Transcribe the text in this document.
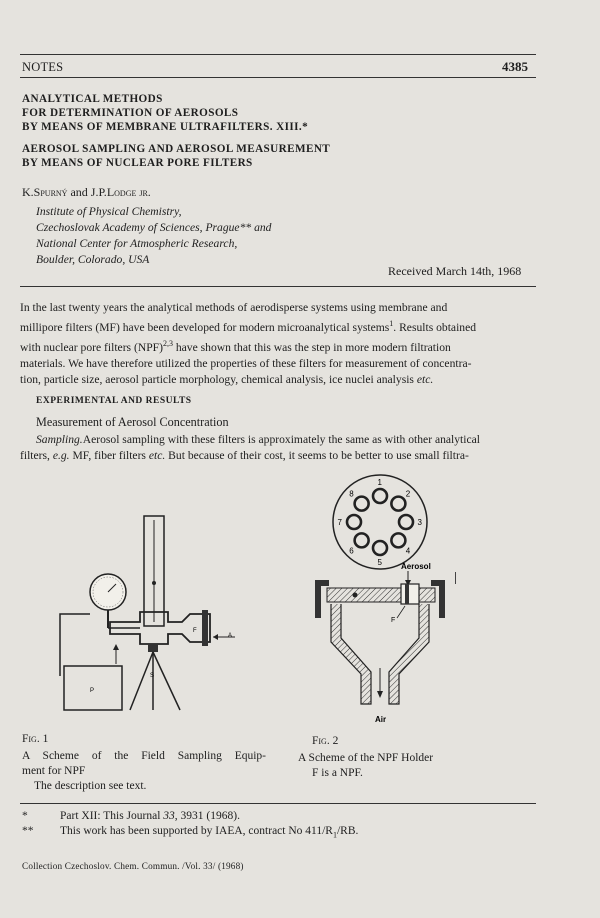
NOTES	4385
ANALYTICAL METHODS
FOR DETERMINATION OF AEROSOLS
BY MEANS OF MEMBRANE ULTRAFILTERS. XIII.*
AEROSOL SAMPLING AND AEROSOL MEASUREMENT
BY MEANS OF NUCLEAR PORE FILTERS
K.Spurný and J.P.Lodge jr.
Institute of Physical Chemistry,
Czechoslovak Academy of Sciences, Prague** and
National Center for Atmospheric Research,
Boulder, Colorado, USA
Received March 14th, 1968
In the last twenty years the analytical methods of aerodisperse systems using membrane and
millipore filters (MF) have been developed for modern microanalytical systems$^1$. Results obtained
with nuclear pore filters (NPF)$^{2,3}$ have shown that this was the step in more modern filtration
materials. We have therefore utilized the properties of these filters for measurement of concentra-
tion, particle size, aerosol particle morphology, chemical analysis, ice nuclei analysis etc.
EXPERIMENTAL AND RESULTS
Measurement of Aerosol Concentration
Sampling.Aerosol sampling with these filters is approximately the same as with other analytical
filters, e.g. MF, fiber filters etc. But because of their cost, it seems to be better to use small filtra-
F
A
S
P
1
2
3
4
5
6
7
8
Aerosol
F
Air
Fig. 1
A Scheme of the Field Sampling Equip-
ment for NPF
The description see text.
Fig. 2
A Scheme of the NPF Holder
F is a NPF.
*	Part XII: This Journal 33, 3931 (1968).
** This work has been supported by IAEA, contract No $411/R_1/RB$.
Collection Czechoslov. Chem. Commun. /Vol. 33/ (1968)
